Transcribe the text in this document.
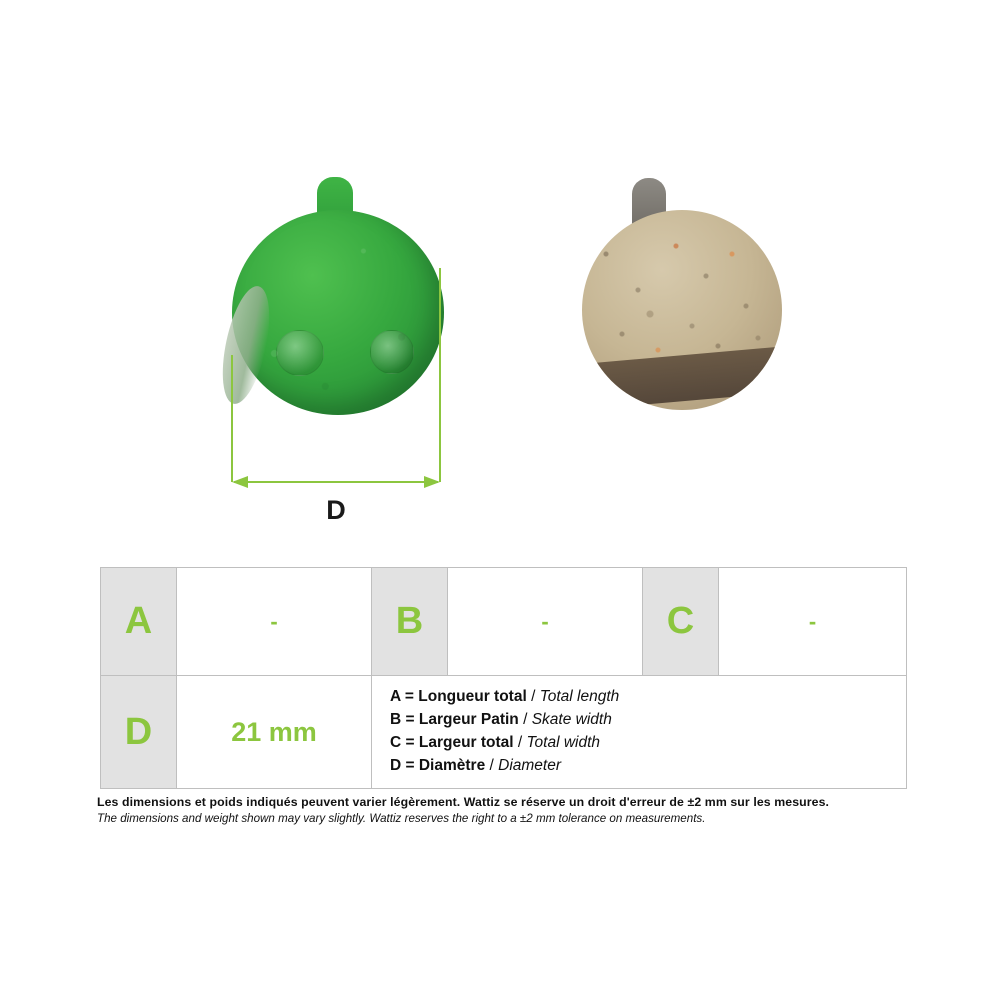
D
A	-	B	-	C	-
D	21 mm	A = Longueur total / Total length
B = Largeur Patin / Skate width
C = Largeur total / Total width
D = Diamètre / Diameter			
Les dimensions et poids indiqués peuvent varier légèrement. Wattiz se réserve un droit d'erreur de ±2 mm sur les mesures.
The dimensions and weight shown may vary slightly. Wattiz reserves the right to a ±2 mm tolerance on measurements.
